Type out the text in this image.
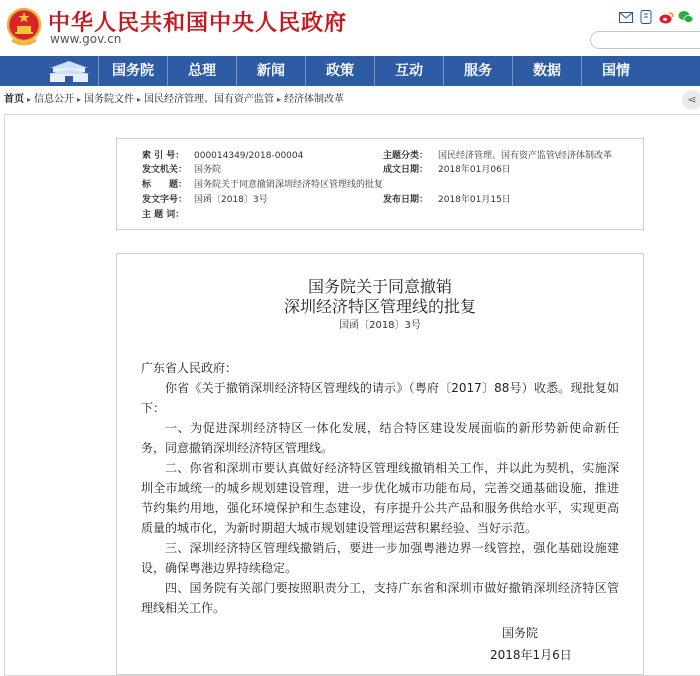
中华人民共和国中央人民政府
www.gov.cn
国务院	总理	新闻	政策	互动	服务	数据	国情
首页 ▸ 信息公开 ▸ 国务院文件 ▸ 国民经济管理、国有资产监管 ▸ 经济体制改革	⋖
索 引 号： 000014349/2018-00004
发文机关： 国务院
标　　题： 国务院关于同意撤销深圳经济特区管理线的批复
发文字号： 国函〔2018〕3号
主 题 词：
主题分类： 国民经济管理、国有资产监管\经济体制改革
成文日期： 2018年01月06日
发布日期： 2018年01月15日
国务院关于同意撤销
深圳经济特区管理线的批复
国函〔2018〕3号

广东省人民政府：

你省《关于撤销深圳经济特区管理线的请示》（粤府〔2017〕88号）收悉。现批复如下：

一、为促进深圳经济特区一体化发展，结合特区建设发展面临的新形势新使命新任务，同意撤销深圳经济特区管理线。

二、你省和深圳市要认真做好经济特区管理线撤销相关工作，并以此为契机，实施深圳全市域统一的城乡规划建设管理，进一步优化城市功能布局，完善交通基础设施，推进节约集约用地，强化环境保护和生态建设，有序提升公共产品和服务供给水平，实现更高质量的城市化，为新时期超大城市规划建设管理运营积累经验、当好示范。

三、深圳经济特区管理线撤销后，要进一步加强粤港边界一线管控，强化基础设施建设，确保粤港边界持续稳定。

四、国务院有关部门要按照职责分工，支持广东省和深圳市做好撤销深圳经济特区管理线相关工作。

国务院
2018年1月6日
